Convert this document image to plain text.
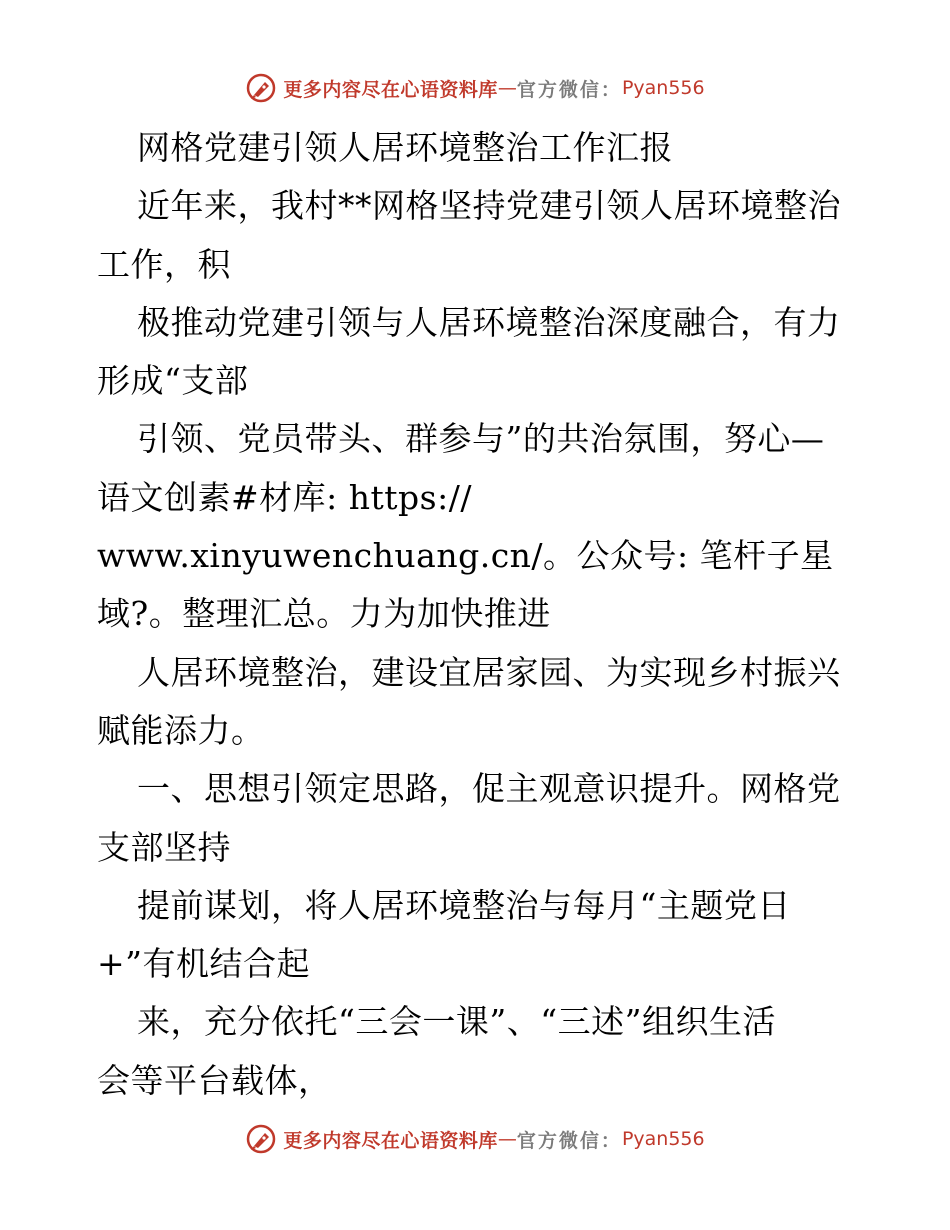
更多内容尽在心语资料库 — 官方微信： Pyan556
网格党建引领人居环境整治工作汇报
近年来，我村**网格坚持党建引领人居环境整治
工作，积
极推动党建引领与人居环境整治深度融合，有力
形成“支部
引领、党员带头、群参与”的共治氛围，努心—
语文创素#材库: https://
www.xinyuwenchuang.cn/。公众号: 笔杆子星
域?。整理汇总。力为加快推进
人居环境整治，建设宜居家园、为实现乡村振兴
赋能添力。
一、思想引领定思路，促主观意识提升。网格党
支部坚持
提前谋划，将人居环境整治与每月“主题党日
+”有机结合起
来，充分依托“三会一课”、“三述”组织生活
会等平台载体，
更多内容尽在心语资料库 — 官方微信： Pyan556
